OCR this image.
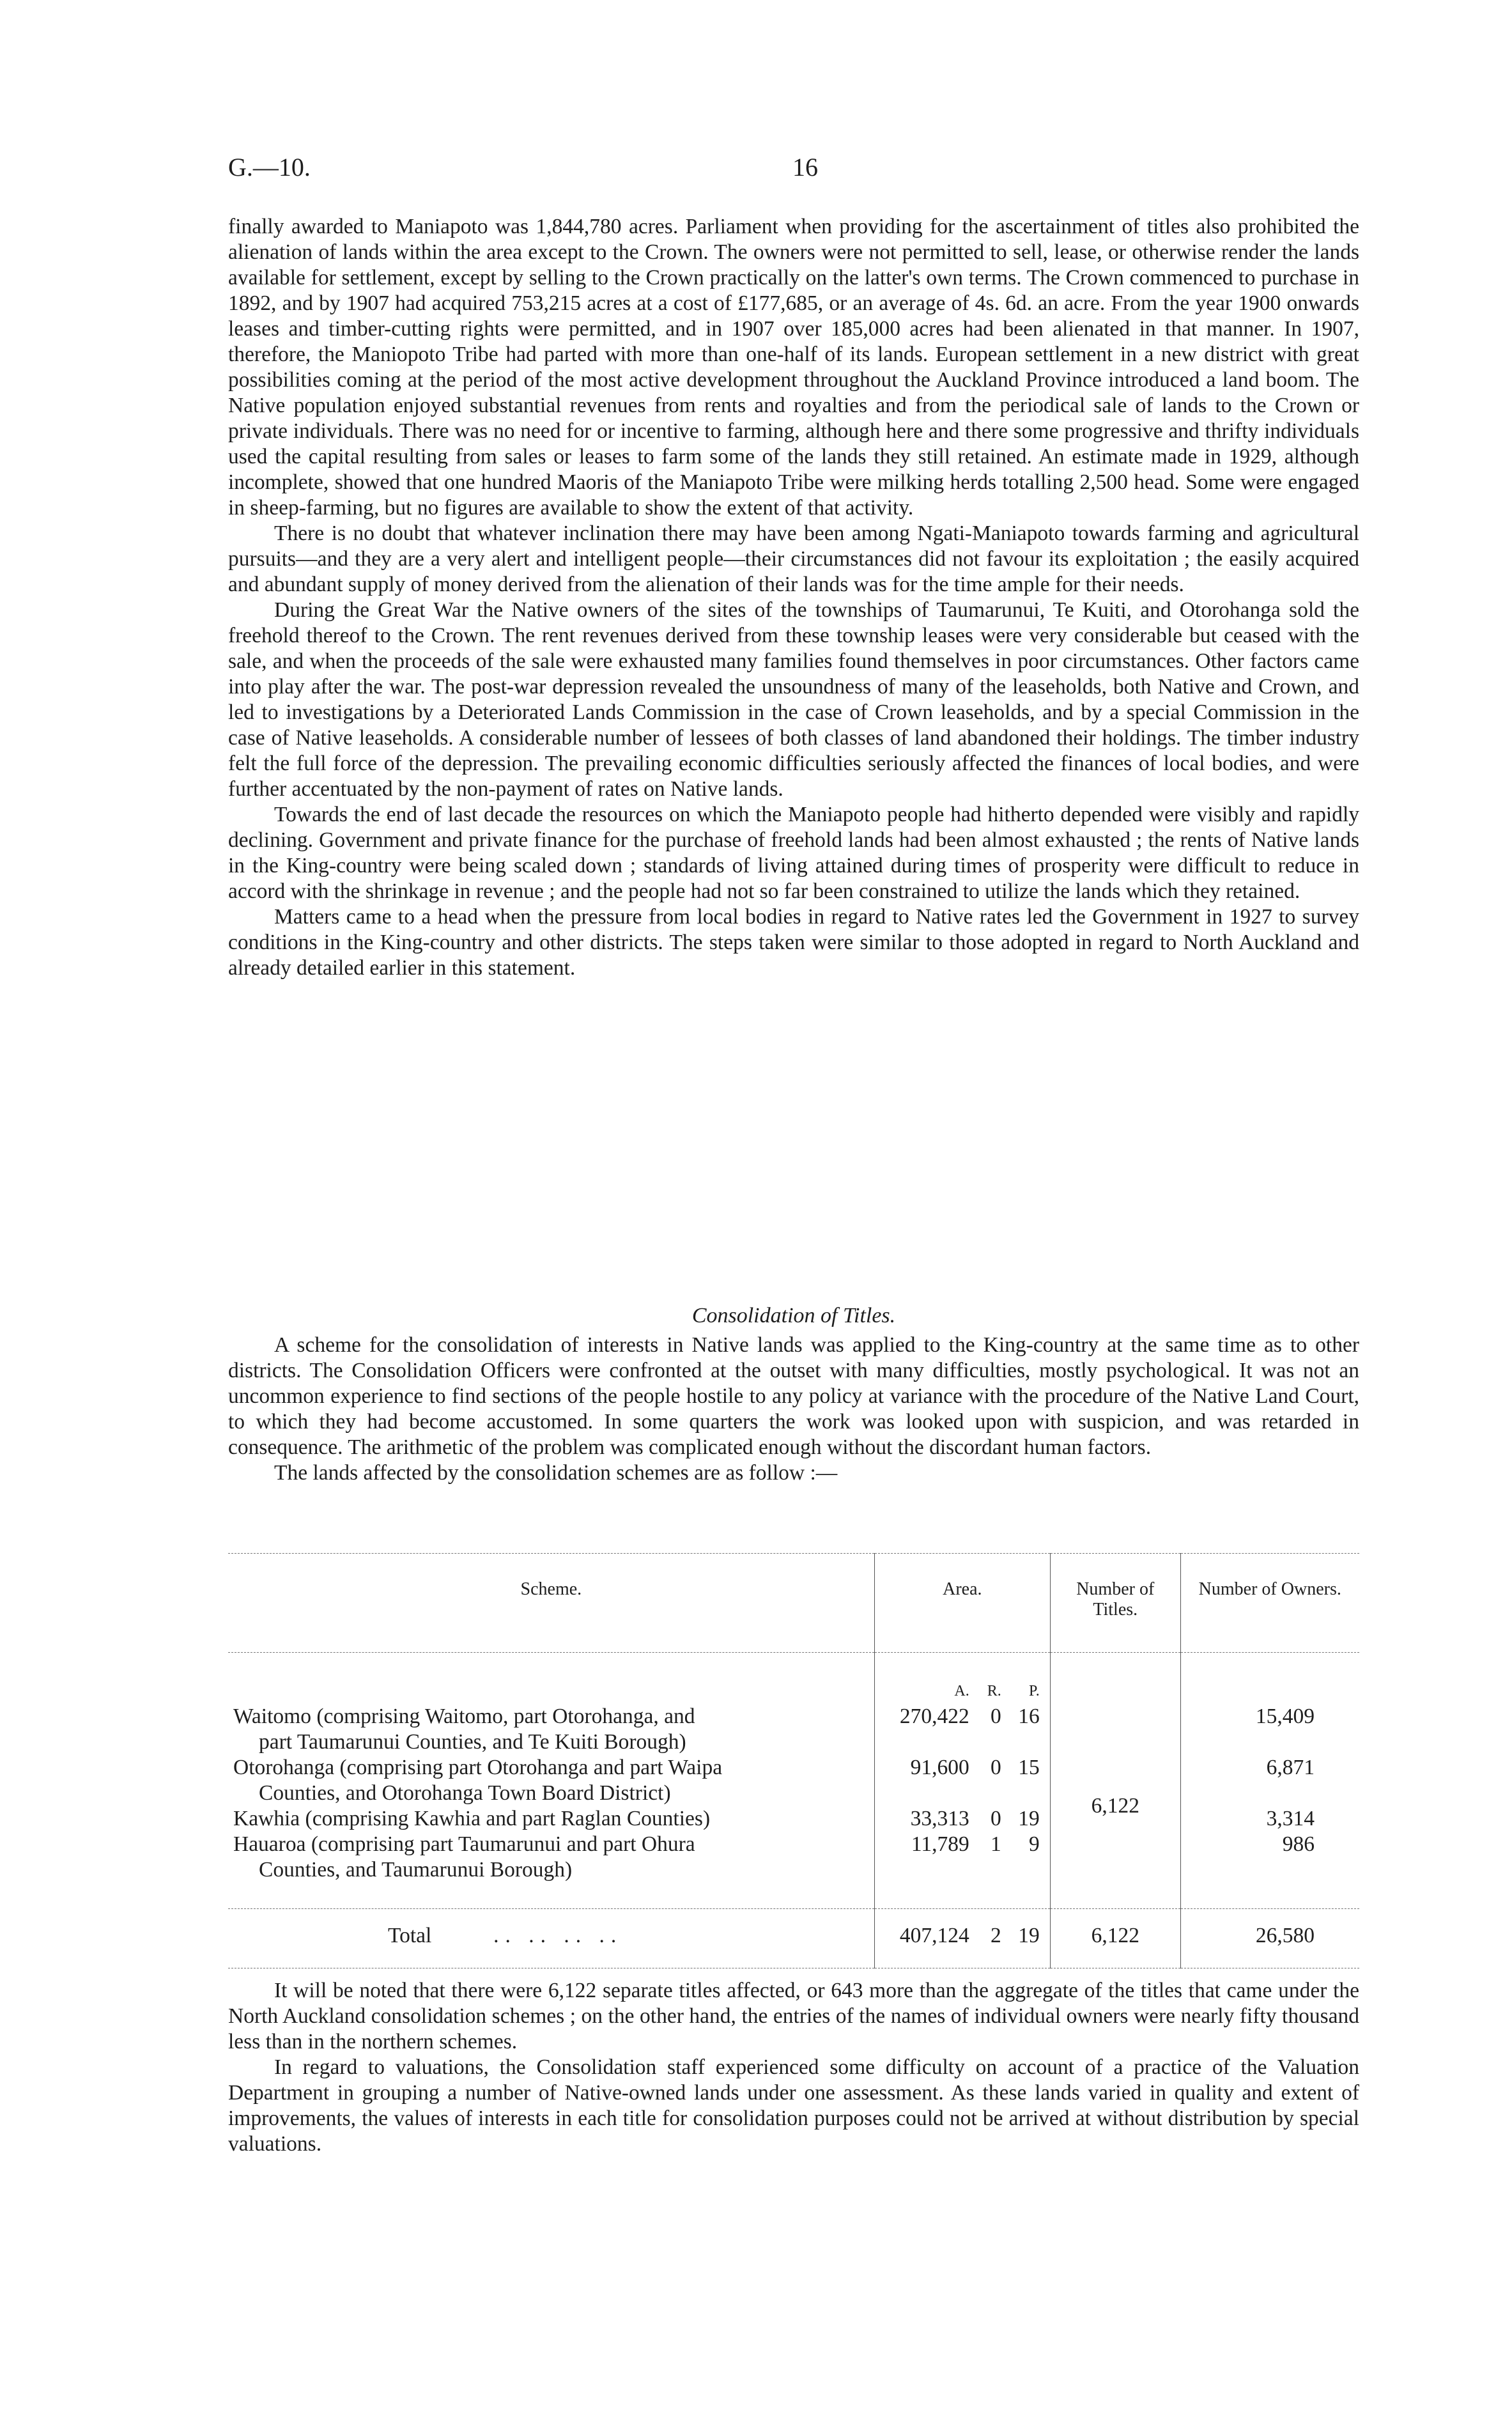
G.—10.	16

finally awarded to Maniapoto was 1,844,780 acres. Parliament when providing for the ascertainment of titles also prohibited the alienation of lands within the area except to the Crown. The owners were not permitted to sell, lease, or otherwise render the lands available for settlement, except by selling to the Crown practically on the latter's own terms. The Crown commenced to purchase in 1892, and by 1907 had acquired 753,215 acres at a cost of £177,685, or an average of 4s. 6d. an acre. From the year 1900 onwards leases and timber-cutting rights were permitted, and in 1907 over 185,000 acres had been alienated in that manner. In 1907, therefore, the Maniopoto Tribe had parted with more than one-half of its lands. European settlement in a new district with great possibilities coming at the period of the most active development throughout the Auckland Province introduced a land boom. The Native population enjoyed substantial revenues from rents and royalties and from the periodical sale of lands to the Crown or private individuals. There was no need for or incentive to farming, although here and there some progressive and thrifty individuals used the capital resulting from sales or leases to farm some of the lands they still retained. An estimate made in 1929, although incomplete, showed that one hundred Maoris of the Maniapoto Tribe were milking herds totalling 2,500 head. Some were engaged in sheep-farming, but no figures are available to show the extent of that activity.

There is no doubt that whatever inclination there may have been among Ngati-Maniapoto towards farming and agricultural pursuits—and they are a very alert and intelligent people—their circumstances did not favour its exploitation ; the easily acquired and abundant supply of money derived from the alienation of their lands was for the time ample for their needs.

During the Great War the Native owners of the sites of the townships of Taumarunui, Te Kuiti, and Otorohanga sold the freehold thereof to the Crown. The rent revenues derived from these township leases were very considerable but ceased with the sale, and when the proceeds of the sale were exhausted many families found themselves in poor circumstances. Other factors came into play after the war. The post-war depression revealed the unsoundness of many of the leaseholds, both Native and Crown, and led to investigations by a Deteriorated Lands Commission in the case of Crown leaseholds, and by a special Commission in the case of Native leaseholds. A considerable number of lessees of both classes of land abandoned their holdings. The timber industry felt the full force of the depression. The prevailing economic difficulties seriously affected the finances of local bodies, and were further accentuated by the non-payment of rates on Native lands.

Towards the end of last decade the resources on which the Maniapoto people had hitherto depended were visibly and rapidly declining. Government and private finance for the purchase of freehold lands had been almost exhausted ; the rents of Native lands in the King-country were being scaled down ; standards of living attained during times of prosperity were difficult to reduce in accord with the shrinkage in revenue ; and the people had not so far been constrained to utilize the lands which they retained.

Matters came to a head when the pressure from local bodies in regard to Native rates led the Government in 1927 to survey conditions in the King-country and other districts. The steps taken were similar to those adopted in regard to North Auckland and already detailed earlier in this statement.

Consolidation of Titles.

A scheme for the consolidation of interests in Native lands was applied to the King-country at the same time as to other districts. The Consolidation Officers were confronted at the outset with many difficulties, mostly psychological. It was not an uncommon experience to find sections of the people hostile to any policy at variance with the procedure of the Native Land Court, to which they had become accustomed. In some quarters the work was looked upon with suspicion, and was retarded in consequence. The arithmetic of the problem was complicated enough without the discordant human factors.

The lands affected by the consolidation schemes are as follow :—

Scheme.	Area.	Number of Titles.	Number of Owners.
	A. R. P.		
Waitomo (comprising Waitomo, part Otorohanga, and
part Taumarunui Counties, and Te Kuiti Borough)	270,422 0 16	6,122	15,409
Otorohanga (comprising part Otorohanga and part Waipa
Counties, and Otorohanga Town Board District)	91,600 0 15		6,871
Kawhia (comprising Kawhia and part Raglan Counties)	33,313 0 19		3,314
Hauaroa (comprising part Taumarunui and part Ohura
Counties, and Taumarunui Borough)	11,789 1 9		986
Total .. .. .. ..	407,124 2 19	6,122	26,580

It will be noted that there were 6,122 separate titles affected, or 643 more than the aggregate of the titles that came under the North Auckland consolidation schemes ; on the other hand, the entries of the names of individual owners were nearly fifty thousand less than in the northern schemes.

In regard to valuations, the Consolidation staff experienced some difficulty on account of a practice of the Valuation Department in grouping a number of Native-owned lands under one assessment. As these lands varied in quality and extent of improvements, the values of interests in each title for consolidation purposes could not be arrived at without distribution by special valuations.
